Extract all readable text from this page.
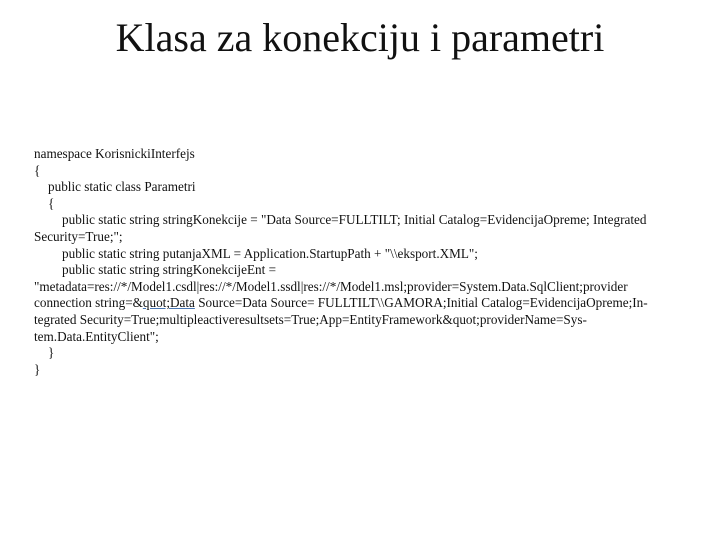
Klasa za konekciju i parametri
namespace KorisnickiInterfejs
{
public static class Parametri
{
public static string stringKonekcije = "Data Source=FULLTILT; Initial Catalog=EvidencijaOpreme; Integrated
Security=True;";
public static string putanjaXML = Application.StartupPath + "\\eksport.XML";
public static string stringKonekcijeEnt =
"metadata=res://*/Model1.csdl|res://*/Model1.ssdl|res://*/Model1.msl;provider=System.Data.SqlClient;provider
connection string=&quot;Data Source=Data Source= FULLTILT\\GAMORA;Initial Catalog=EvidencijaOpreme;In-
tegrated Security=True;multipleactiveresultsets=True;App=EntityFramework&quot;providerName=Sys-
tem.Data.EntityClient";
}
}
